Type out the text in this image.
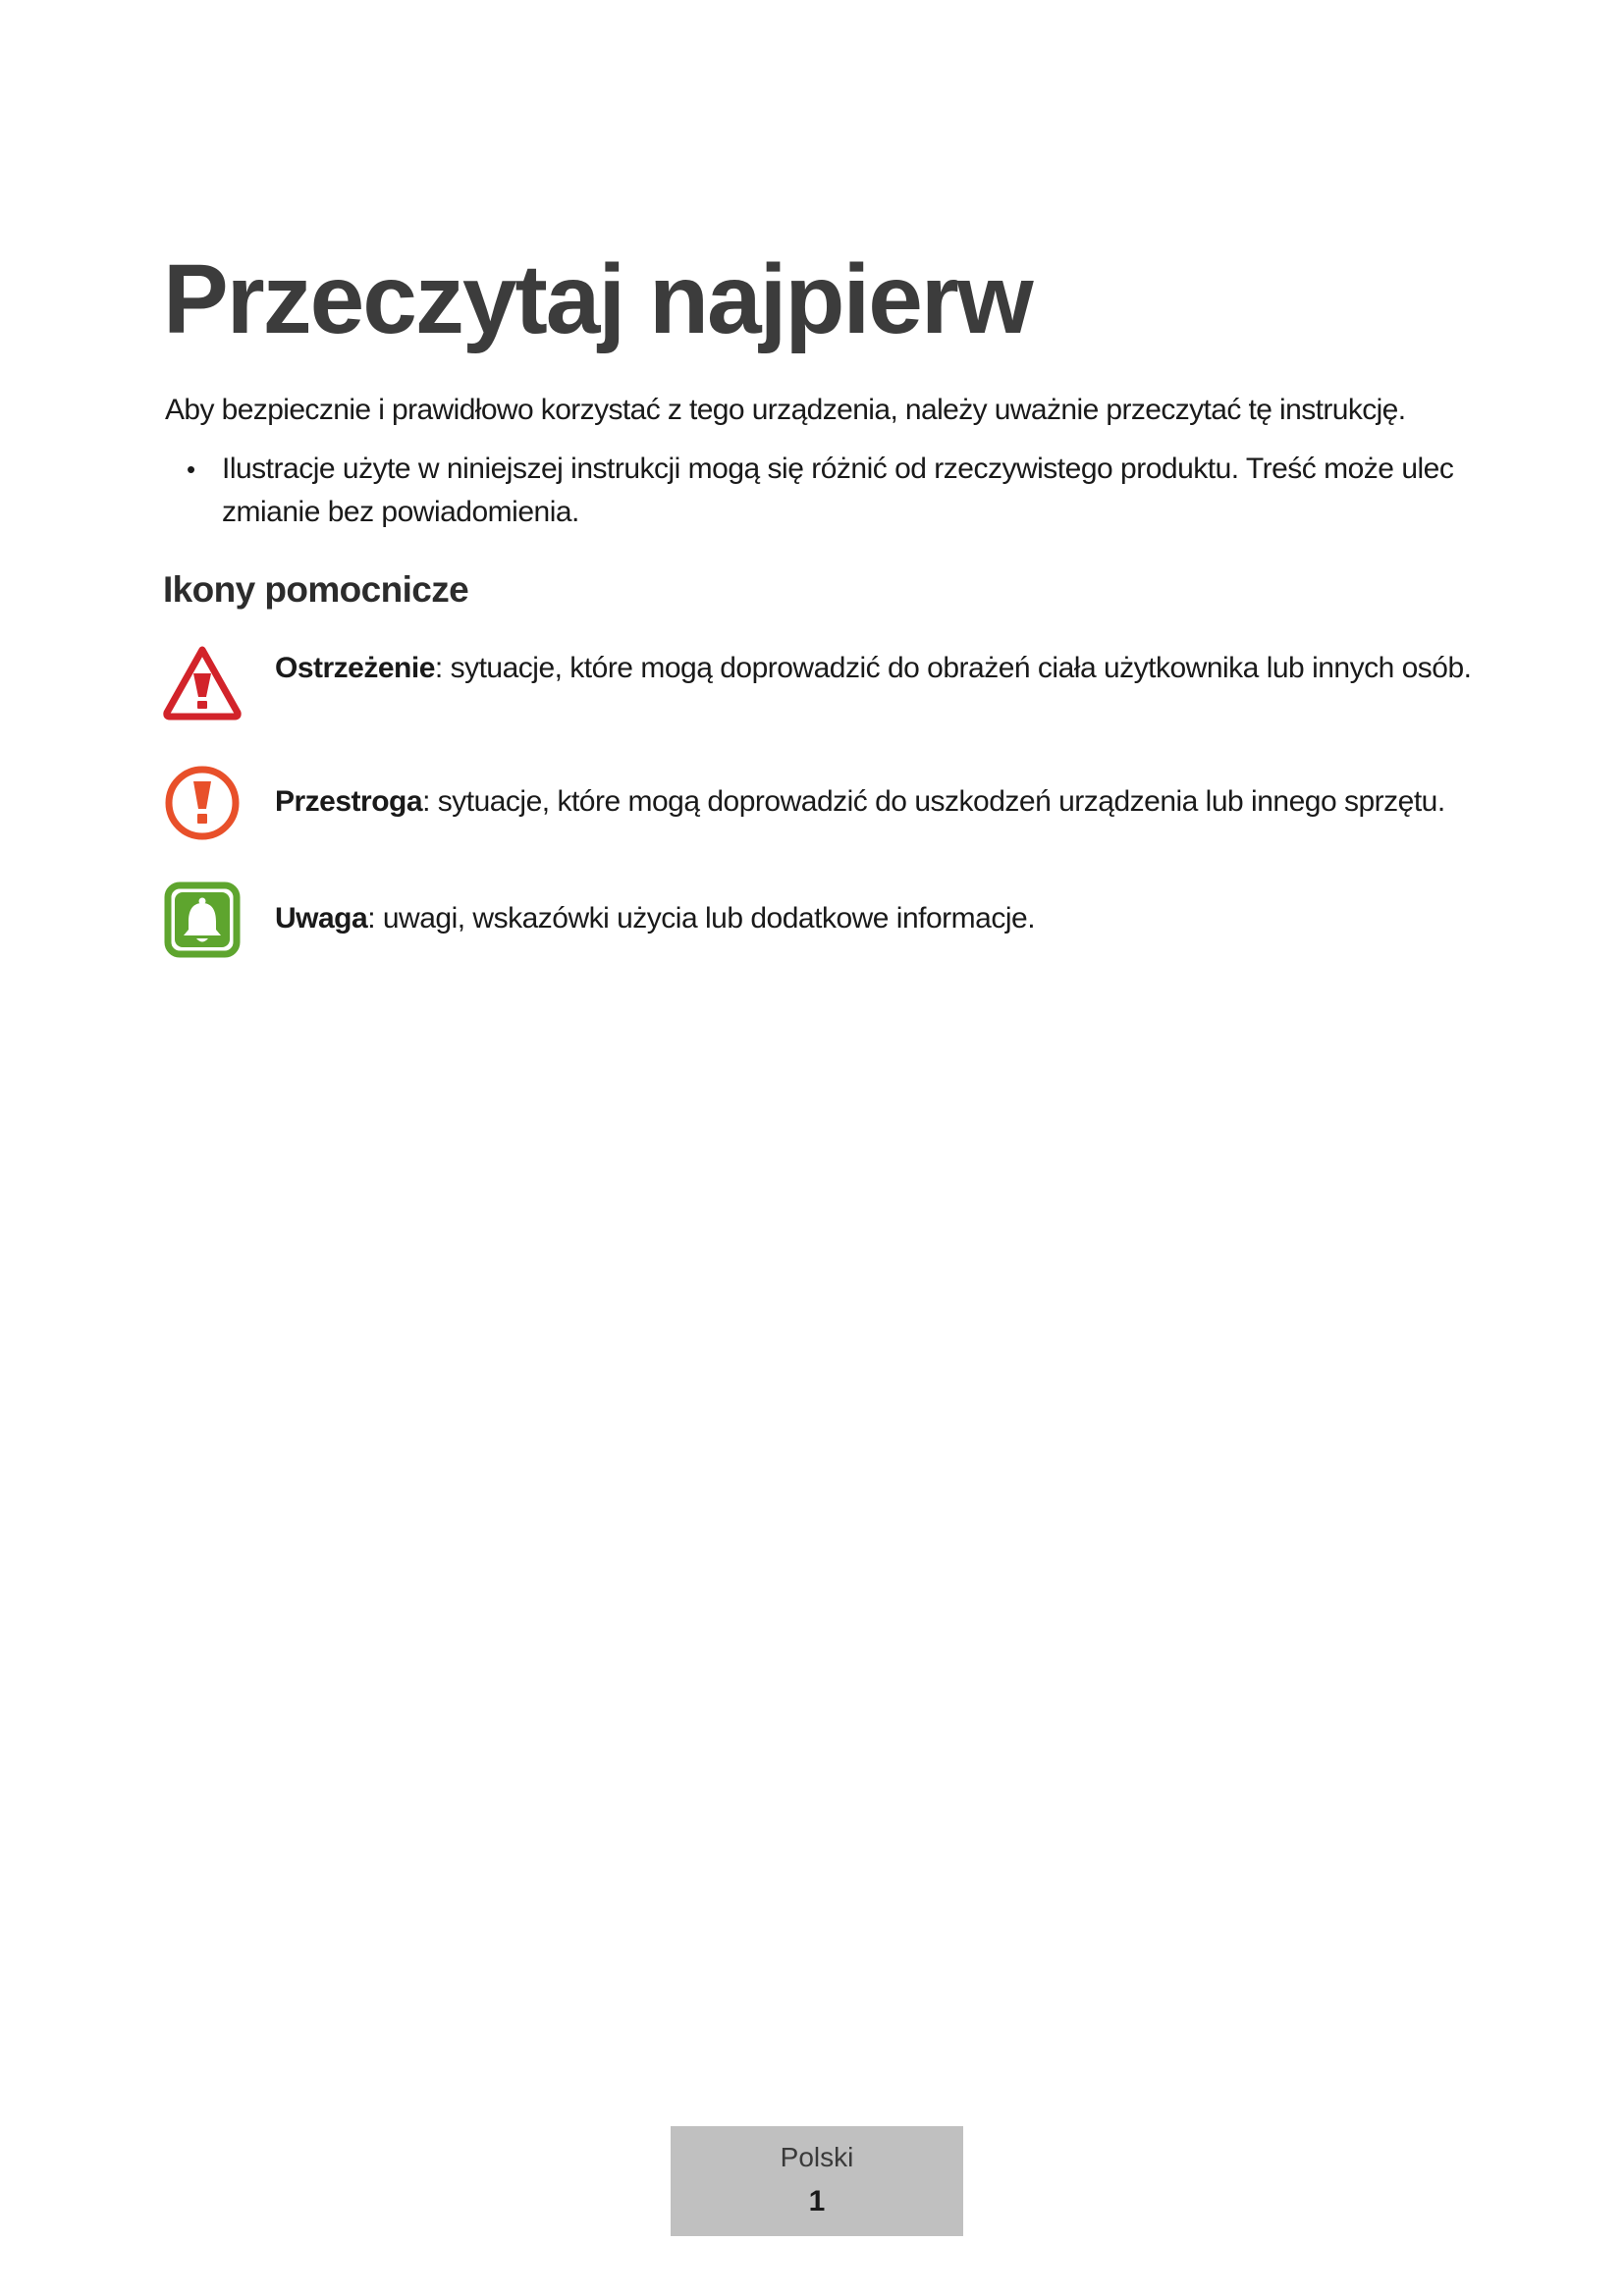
Przeczytaj najpierw

Aby bezpiecznie i prawidłowo korzystać z tego urządzenia, należy uważnie przeczytać tę instrukcję.

• Ilustracje użyte w niniejszej instrukcji mogą się różnić od rzeczywistego produktu. Treść może ulec zmianie bez powiadomienia.

Ikony pomocnicze

Ostrzeżenie: sytuacje, które mogą doprowadzić do obrażeń ciała użytkownika lub innych osób.

Przestroga: sytuacje, które mogą doprowadzić do uszkodzeń urządzenia lub innego sprzętu.

Uwaga: uwagi, wskazówki użycia lub dodatkowe informacje.

Polski
1
